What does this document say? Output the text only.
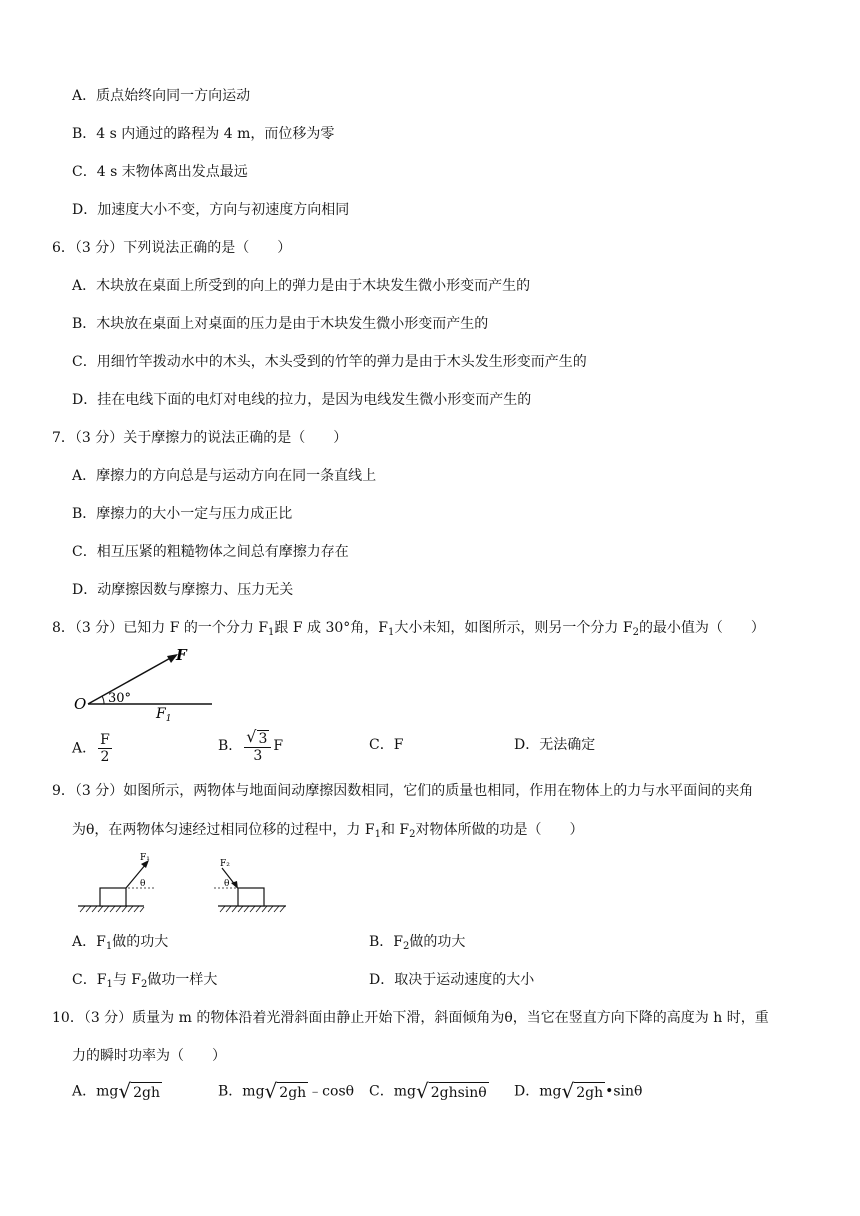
A．质点始终向同一方向运动
B．4 s 内通过的路程为 4 m，而位移为零
C．4 s 末物体离出发点最远
D．加速度大小不变，方向与初速度方向相同
6．（3 分）下列说法正确的是（　　）
A．木块放在桌面上所受到的向上的弹力是由于木块发生微小形变而产生的
B．木块放在桌面上对桌面的压力是由于木块发生微小形变而产生的
C．用细竹竿拨动水中的木头，木头受到的竹竿的弹力是由于木头发生形变而产生的
D．挂在电线下面的电灯对电线的拉力，是因为电线发生微小形变而产生的
7．（3 分）关于摩擦力的说法正确的是（　　）
A．摩擦力的方向总是与运动方向在同一条直线上
B．摩擦力的大小一定与压力成正比
C．相互压紧的粗糙物体之间总有摩擦力存在
D．动摩擦因数与摩擦力、压力无关
8．（3 分）已知力 F 的一个分力 $F_1$跟 F 成 30°角，$F_1$大小未知，如图所示，则另一个分力 $F_2$的最小值为（　　）
O 30°
F
$F_1$
A． $\frac{F}{2}$	B． $\frac{√ 3}{3}$ F	C．F	D．无法确定
9．（3 分）如图所示，两物体与地面间动摩擦因数相同，它们的质量也相同，作用在物体上的力与水平面间的夹角
为θ，在两物体匀速经过相同位移的过程中，力 $F_1$和 $F_2$对物体所做的功是（　　）
F₁
θ
F₂
θ
A．$F_1$做的功大	B．$F_2$做的功大
C．$F_1$与 $F_2$做功一样大	D．取决于运动速度的大小
10．（3 分）质量为 m 的物体沿着光滑斜面由静止开始下滑，斜面倾角为θ，当它在竖直方向下降的高度为 h 时，重
力的瞬时功率为（　　）
A．mg √ 2gh	B．mg √ 2gh ﹣cosθ C．mg √ 2ghsinθ D．mg √ 2gh •sinθ
